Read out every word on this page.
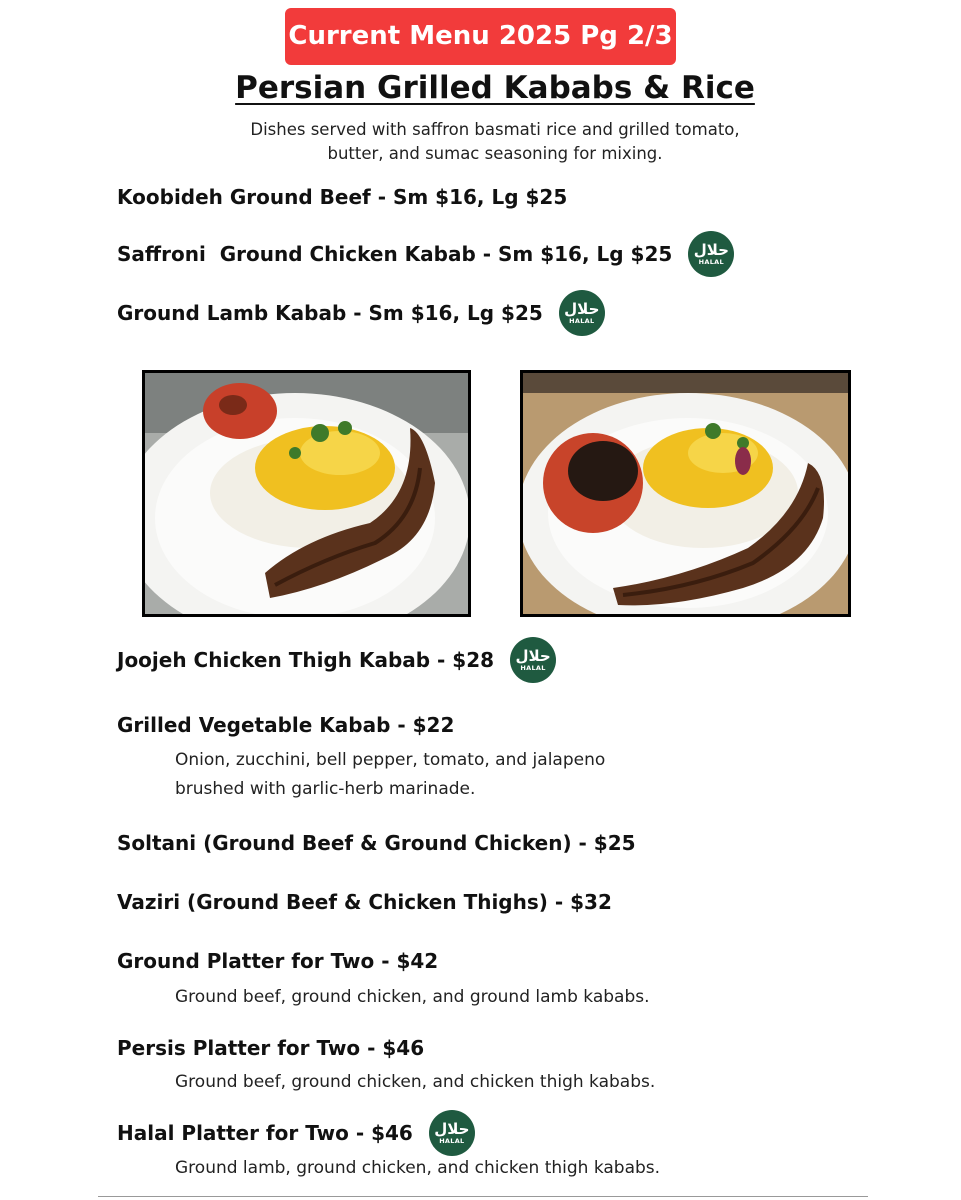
Current Menu 2025 Pg 2/3
Persian Grilled Kababs & Rice
Dishes served with saffron basmati rice and grilled tomato,
butter, and sumac seasoning for mixing.
Koobideh Ground Beef - Sm $16, Lg $25
Saffroni  Ground Chicken Kabab - Sm $16, Lg $25 حلال
HALAL
Ground Lamb Kabab - Sm $16, Lg $25 حلال
HALAL
Joojeh Chicken Thigh Kabab - $28 حلال
HALAL
Grilled Vegetable Kabab - $22
Onion, zucchini, bell pepper, tomato, and jalapeno
brushed with garlic-herb marinade.
Soltani (Ground Beef & Ground Chicken) - $25
Vaziri (Ground Beef & Chicken Thighs) - $32
Ground Platter for Two - $42
Ground beef, ground chicken, and ground lamb kababs.
Persis Platter for Two - $46
Ground beef, ground chicken, and chicken thigh kababs.
Halal Platter for Two - $46 حلال
HALAL
Ground lamb, ground chicken, and chicken thigh kababs.
